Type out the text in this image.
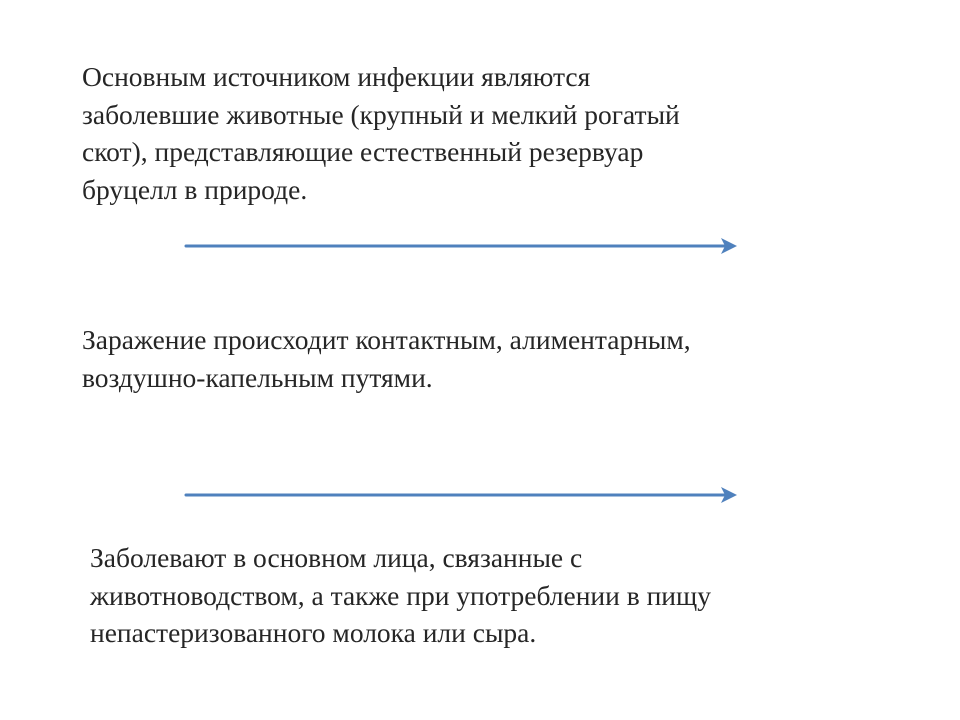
Основным источником инфекции являются
заболевшие животные (крупный и мелкий рогатый
скот), представляющие естественный резервуар
бруцелл в природе.

Заражение происходит контактным, алиментарным,
воздушно-капельным путями.

Заболевают в основном лица, связанные с
животноводством, а также при употреблении в пищу
непастеризованного молока или сыра.
